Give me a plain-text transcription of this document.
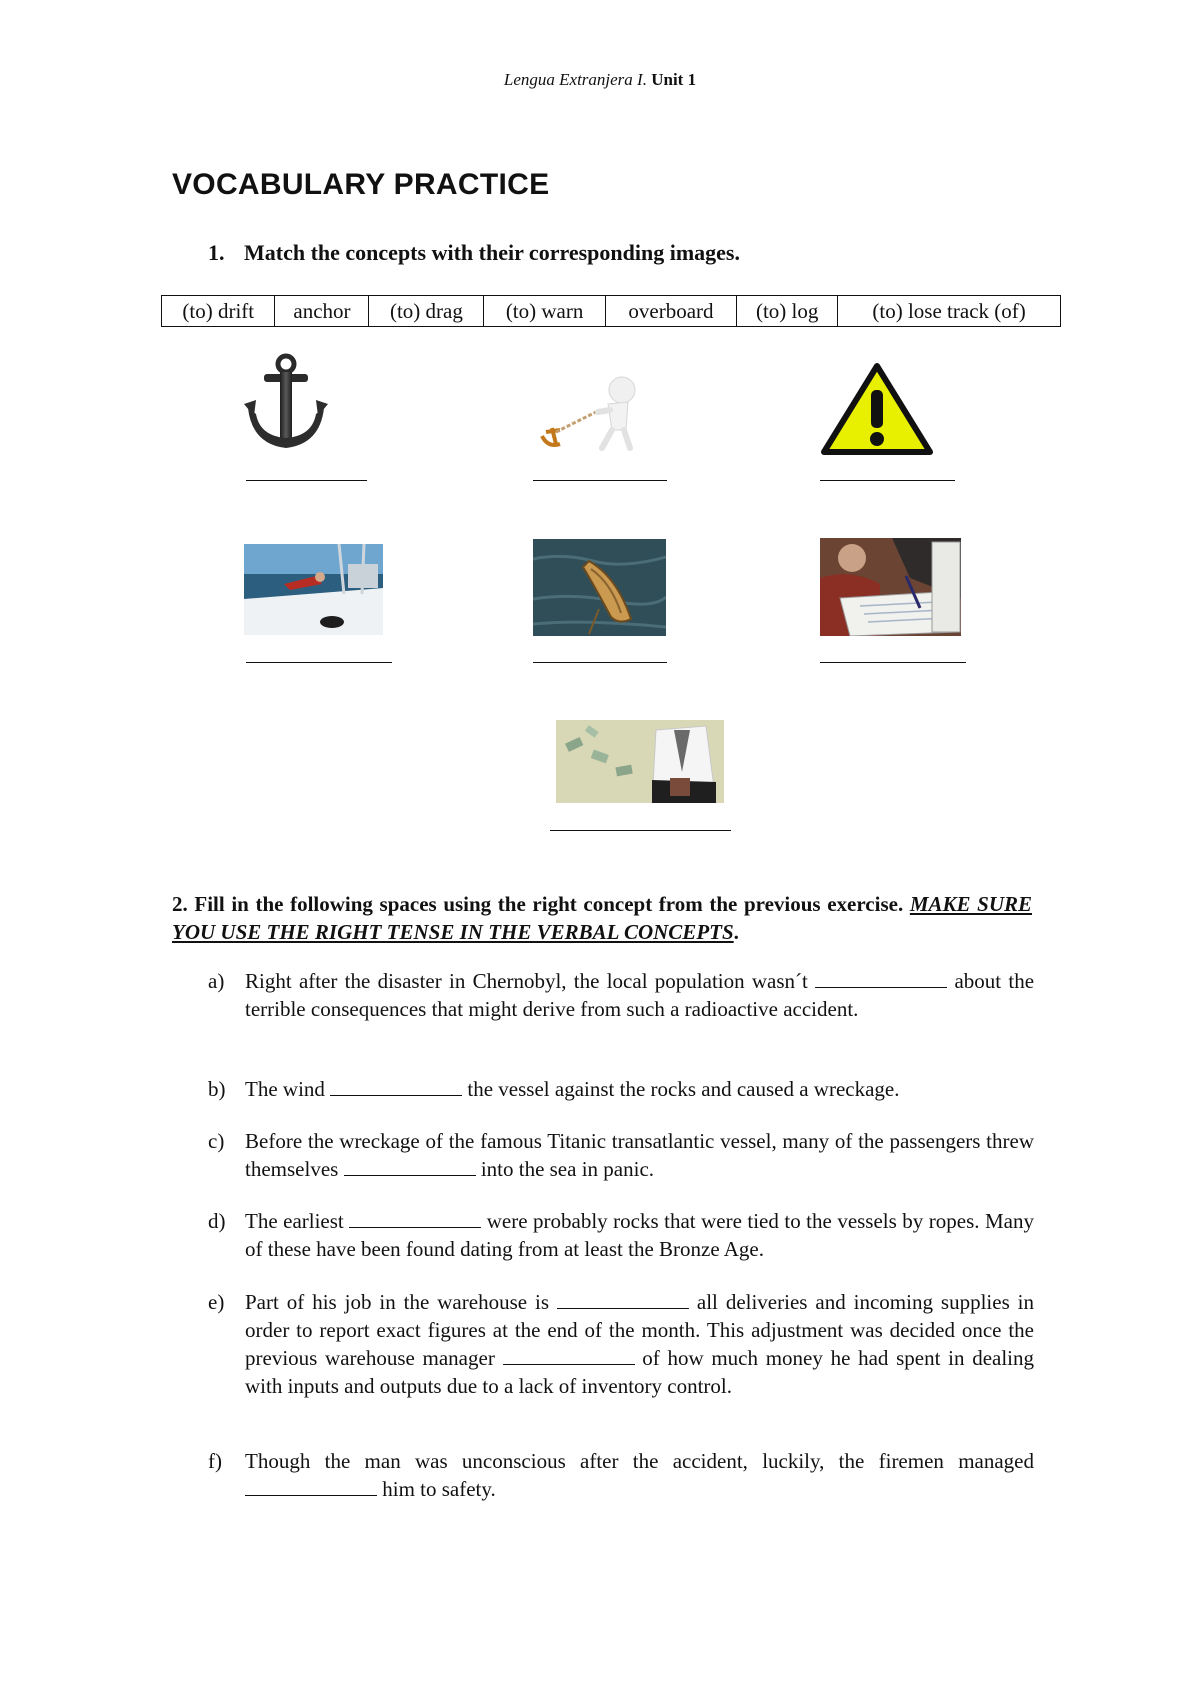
Lengua Extranjera I. Unit 1
VOCABULARY PRACTICE
1. Match the concepts with their corresponding images.
(to) drift	anchor	(to) drag	(to) warn	overboard	(to) log	(to) lose track (of)
2. Fill in the following spaces using the right concept from the previous exercise. MAKE SURE YOU USE THE RIGHT TENSE IN THE VERBAL CONCEPTS.
a) Right after the disaster in Chernobyl, the local population wasn´t	about the terrible consequences that might derive from such a radioactive accident.
b) The wind	the vessel against the rocks and caused a wreckage.
c) Before the wreckage of the famous Titanic transatlantic vessel, many of the passengers threw themselves	into the sea in panic.
d) The earliest	were probably rocks that were tied to the vessels by ropes. Many of these have been found dating from at least the Bronze Age.
e) Part of his job in the warehouse is	all deliveries and incoming supplies in order to report exact figures at the end of the month. This adjustment was decided once the previous warehouse manager	of how much money he had spent in dealing with inputs and outputs due to a lack of inventory control.
f)	Though the man was unconscious after the accident, luckily, the firemen managed  him to safety.
